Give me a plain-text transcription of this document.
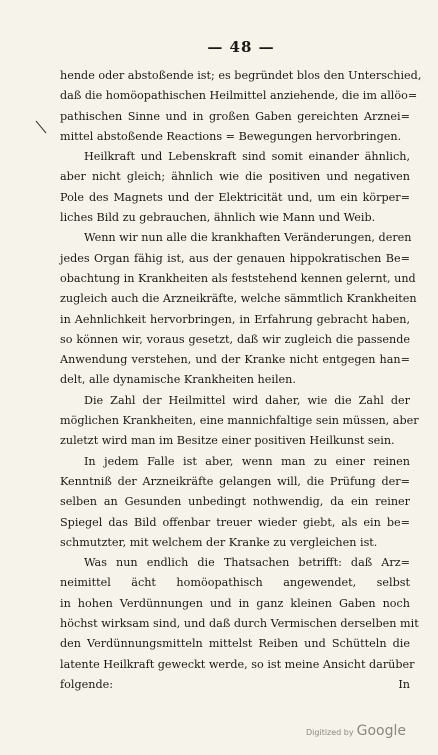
— 48 —
hende oder abstoßende ist; es begründet blos den Unterschied,
daß die homöopathischen Heilmittel anziehende, die im allöo=
pathischen Sinne und in großen Gaben gereichten Arznei=
mittel abstoßende Reactions = Bewegungen hervorbringen.
Heilkraft und Lebenskraft sind somit einander ähnlich,
aber nicht gleich; ähnlich wie die positiven und negativen
Pole des Magnets und der Elektricität und, um ein körper=
liches Bild zu gebrauchen, ähnlich wie Mann und Weib.
Wenn wir nun alle die krankhaften Veränderungen, deren
jedes Organ fähig ist, aus der genauen hippokratischen Be=
obachtung in Krankheiten als feststehend kennen gelernt, und
zugleich auch die Arzneikräfte, welche sämmtlich Krankheiten
in Aehnlichkeit hervorbringen, in Erfahrung gebracht haben,
so können wir, voraus gesetzt, daß wir zugleich die passende
Anwendung verstehen, und der Kranke nicht entgegen han=
delt, alle dynamische Krankheiten heilen.
Die Zahl der Heilmittel wird daher, wie die Zahl der
möglichen Krankheiten, eine mannichfaltige sein müssen, aber
zuletzt wird man im Besitze einer positiven Heilkunst sein.
In jedem Falle ist aber, wenn man zu einer reinen
Kenntniß der Arzneikräfte gelangen will, die Prüfung der=
selben an Gesunden unbedingt nothwendig, da ein reiner
Spiegel das Bild offenbar treuer wieder giebt, als ein be=
schmutzter, mit welchem der Kranke zu vergleichen ist.
Was nun endlich die Thatsachen betrifft: daß Arz=
neimittel ächt homöopathisch angewendet, selbst
in hohen Verdünnungen und in ganz kleinen Gaben noch
höchst wirksam sind, und daß durch Vermischen derselben mit
den Verdünnungsmitteln mittelst Reiben und Schütteln die
latente Heilkraft geweckt werde, so ist meine Ansicht darüber
folgende:	In
Digitized by Google
